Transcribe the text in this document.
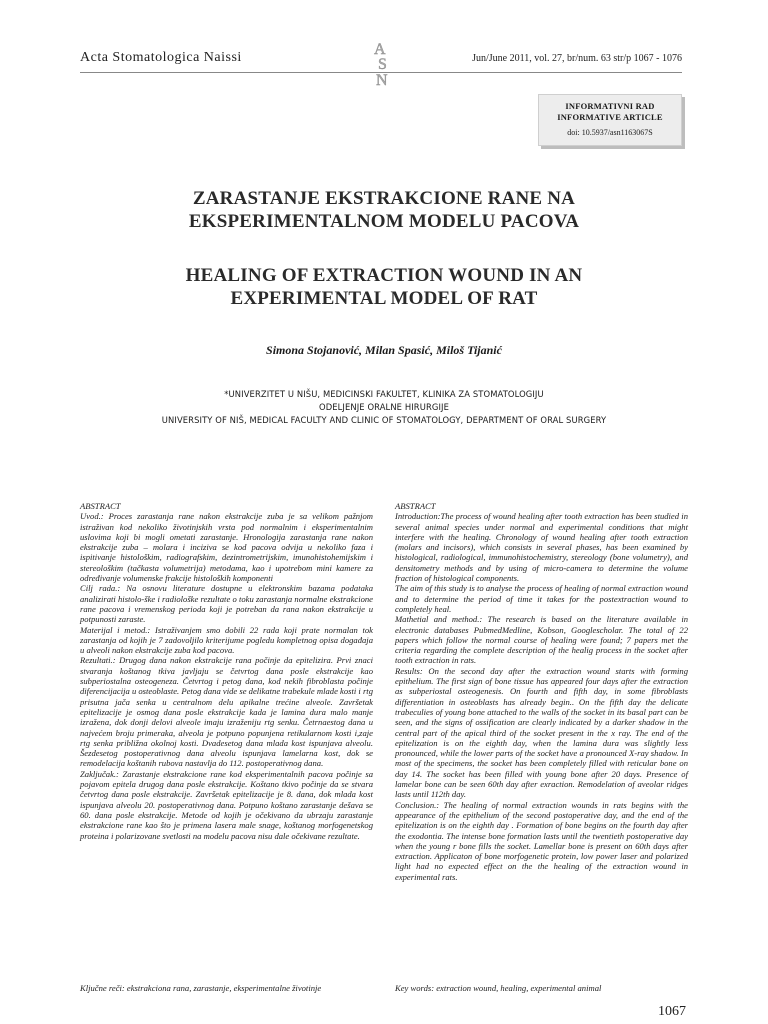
Acta Stomatologica Naissi	A
S
N
Jun/June 2011, vol. 27, br/num. 63 str/p 1067 - 1076
INFORMATIVNI RAD
INFORMATIVE ARTICLE
doi: 10.5937/asn1163067S
ZARASTANJE EKSTRAKCIONE RANE NA
EKSPERIMENTALNOM MODELU PACOVA
HEALING OF EXTRACTION WOUND IN AN
EXPERIMENTAL MODEL OF RAT
Simona Stojanović, Milan Spasić, Miloš Tijanić
*UNIVERZITET U NIŠU, MEDICINSKI FAKULTET, KLINIKA ZA STOMATOLOGIJU
ODELJENJE ORALNE HIRURGIJE
UNIVERSITY OF NIŠ, MEDICAL FACULTY AND CLINIC OF STOMATOLOGY, DEPARTMENT OF ORAL SURGERY

ABSTRACT

Uvod.: Proces zarastanja rane nakon ekstrakcije zuba je sa velikom pažnjom istraživan kod nekoliko životinjskih vrsta pod normalnim i eksperimentalnim uslovima koji bi mogli ometati zarastanje. Hronologija zarastanja rane nakon ekstrakcije zuba – molara i inciziva se kod pacova odvija u nekoliko faza i ispitivanje histološkim, radiografskim, dezintrometrijskim, imunohistohemijskim i stereološkim (tačkasta volumetrija) metodama, kao i upotrebom mini kamere za određivanje volumenske frakcije histoloških komponenti

Cilj rada.: Na osnovu literature dostupne u elektronskim bazama podataka analizirati histolo-ške i radiološke rezultate o toku zarastanja normalne ekstrakcione rane pacova i vremenskog perioda koji je potreban da rana nakon ekstrakcije u potpunosti zaraste.

Materijal i metod.: Istraživanjem smo dobili 22 rada koji prate normalan tok zarastanja od kojih je 7 zadovoljilo kriterijume pogledu kompletnog opisa događaja u alveoli nakon ekstrakcije zuba kod pacova.

Rezultati.: Drugog dana nakon ekstrakcije rana počinje da epitelizira. Prvi znaci stvaranja koštanog tkiva javljaju se četvrtog dana posle ekstrakcije kao subperiostalna osteogeneza. Četvrtog i petog dana, kod nekih fibroblasta počinje diferencijacija u osteoblaste. Petog dana vide se delikatne trabekule mlade kosti i rtg prisutna jača senka u centralnom delu apikalne trećine alveole. Završetak epitelizacije je osmog dana posle ekstrakcije kada je lamina dura malo manje izražena, dok donji delovi alveole imaju izraženiju rtg senku. Četrnaestog dana u najvećem broju primeraka, alveola je potpuno popunjena retikularnom kosti i,zaje rtg senka približna okolnoj kosti. Dvadesetog dana mlada kost ispunjava alveolu. Šezdesetog postoperativnog dana alveolu ispunjava lamelarna kost, dok se remodelacija koštanih rubova nastavlja do 112. postoperativnog dana.

Zaključak.: Zarastanje ekstrakcione rane kod eksperimentalnih pacova počinje sa pojavom epitela drugog dana posle ekstrakcije. Koštano tkivo počinje da se stvara četvrtog dana posle ekstrakcije. Završetak epitelizacije je 8. dana, dok mlada kost ispunjava alveolu 20. postoperativnog dana. Potpuno koštano zarastanje dešava se 60. dana posle ekstrakcije. Metode od kojih je očekivano da ubrzaju zarastanje ekstrakcione rane kao što je primena lasera male snage, koštanog morfogenetskog proteina i polarizovane svetlosti na modelu pacova nisu dale očekivane rezultate.

ABSTRACT

Introduction:The process of wound healing after tooth extraction has been studied in several animal species under normal and experimental conditions that might interfere with the healing. Chronology of wound healing after tooth extraction (molars and incisors), which consists in several phases, has been examined by histological, radiological, immunohistochemistry, stereology (bone volumetry), and densitometry methods and by using of micro-camera to determine the volume fraction of histological components.

The aim of this study is to analyse the process of healing of normal extraction wound and to determine the period of time it takes for the postextraction wound to completely heal.

Mathetial and method.: The research is based on the literature available in electronic databases PubmedMedline, Kobson, Googlescholar. The total of 22 papers which follow the normal course of healing were found; 7 papers met the criteria regarding the complete description of the healig process in the socket after tooth extraction in rats.

Results: On the second day after the extraction wound starts with forming epithelium. The first sign of bone tissue has appeared four days after the extraction as subperiostal osteogenesis. On fourth and fifth day, in some fibroblasts differentiation in osteoblasts has already begin.. On the fifth day the delicate trabeculies of young bone attached to the walls of the socket in its basal part can be seen, and the signs of ossification are clearly indicated by a darker shadow in the central part of the apical third of the socket present in the x ray. The end of the epitelization is on the eighth day, when the lamina dura was slightly less pronounced, while the lower parts of the socket have a pronounced X-ray shadow. In most of the specimens, the socket has been completely filled with reticular bone on day 14. The socket has been filled with young bone after 20 days. Presence of lamelar bone can be seen 60th day after exraction. Remodelation of aveolar ridges lasts until 112th day.

Conclusion.: The healing of normal extraction wounds in rats begins with the appearance of the epithelium of the second postoperative day, and the end of the epitelization is on the eighth day . Formation of bone begins on the fourth day after the exodontia. The intense bone formation lasts until the twentieth postoperative day when the young r bone fills the socket. Lamellar bone is present on 60th days after extraction. Applicaton of bone morfogenetic protein, low power laser and polarized light had no expected effect on the the healing of the extraction wound in experimental rats.

Ključne reči: ekstrakciona rana, zarastanje, eksperimentalne životinje	Key words: extraction wound, healing, experimental animal
1067
